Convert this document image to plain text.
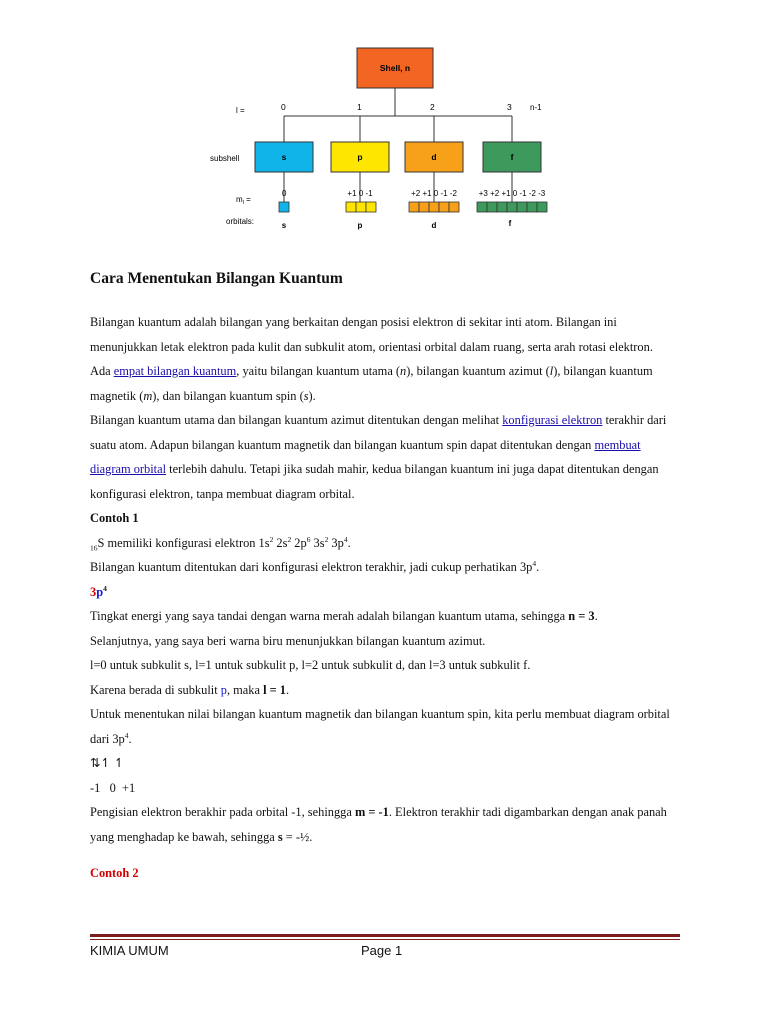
Shell, n
l =	0	1	2	3 n-1
subshell	s	p	d	f
$m_l$ =
0	+1 0 -1	+2 +1 0 -1 -2	+3 +2 +1 0 -1 -2 -3
orbitals:	s	p	d	f
Cara Menentukan Bilangan Kuantum

Bilangan kuantum adalah bilangan yang berkaitan dengan posisi elektron di sekitar inti atom. Bilangan ini menunjukkan letak elektron pada kulit dan subkulit atom, orientasi orbital dalam ruang, serta arah rotasi elektron.

Ada empat bilangan kuantum, yaitu bilangan kuantum utama (n), bilangan kuantum azimut (l), bilangan kuantum magnetik (m), dan bilangan kuantum spin (s).

Bilangan kuantum utama dan bilangan kuantum azimut ditentukan dengan melihat konfigurasi elektron terakhir dari suatu atom. Adapun bilangan kuantum magnetik dan bilangan kuantum spin dapat ditentukan dengan membuat diagram orbital terlebih dahulu. Tetapi jika sudah mahir, kedua bilangan kuantum ini juga dapat ditentukan dengan konfigurasi elektron, tanpa membuat diagram orbital.

Contoh 1

$_{16}$S memiliki konfigurasi elektron $1s^2$ $2s^2$ $2p^6$ $3s^2$ $3p^4$.

Bilangan kuantum ditentukan dari konfigurasi elektron terakhir, jadi cukup perhatikan $3p^4$.

$3p^4$

Tingkat energi yang saya tandai dengan warna merah adalah bilangan kuantum utama, sehingga n = 3.

Selanjutnya, yang saya beri warna biru menunjukkan bilangan kuantum azimut.

l=0 untuk subkulit s, l=1 untuk subkulit p, l=2 untuk subkulit d, dan l=3 untuk subkulit f.

Karena berada di subkulit p, maka l = 1.

Untuk menentukan nilai bilangan kuantum magnetik dan bilangan kuantum spin, kita perlu membuat diagram orbital dari $3p^4$.

⇅↿ ↿

-1   0  +1

Pengisian elektron berakhir pada orbital -1, sehingga m = -1. Elektron terakhir tadi digambarkan dengan anak panah yang menghadap ke bawah, sehingga s = -½.

Contoh 2

KIMIA UMUM	Page 1
